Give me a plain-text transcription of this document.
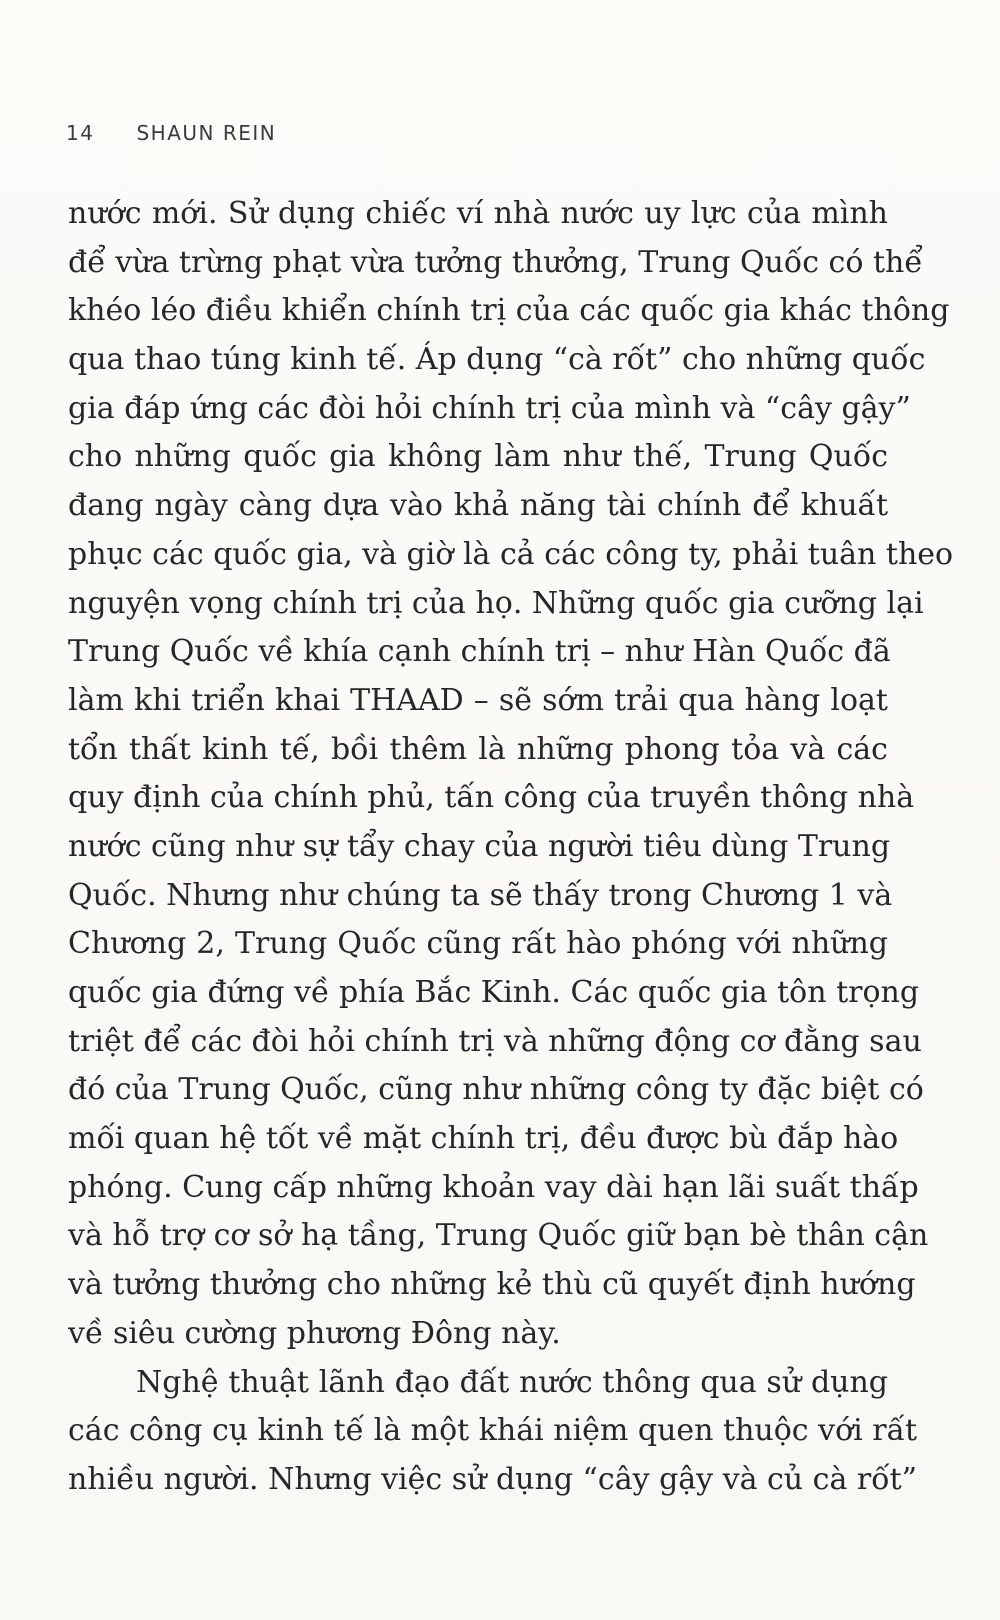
14 SHAUN REIN
nước mới. Sử dụng chiếc ví nhà nước uy lực của mình
để vừa trừng phạt vừa tưởng thưởng, Trung Quốc có thể
khéo léo điều khiển chính trị của các quốc gia khác thông
qua thao túng kinh tế. Áp dụng “cà rốt” cho những quốc
gia đáp ứng các đòi hỏi chính trị của mình và “cây gậy”
cho những quốc gia không làm như thế, Trung Quốc
đang ngày càng dựa vào khả năng tài chính để khuất
phục các quốc gia, và giờ là cả các công ty, phải tuân theo
nguyện vọng chính trị của họ. Những quốc gia cưỡng lại
Trung Quốc về khía cạnh chính trị – như Hàn Quốc đã
làm khi triển khai THAAD – sẽ sớm trải qua hàng loạt
tổn thất kinh tế, bồi thêm là những phong tỏa và các
quy định của chính phủ, tấn công của truyền thông nhà
nước cũng như sự tẩy chay của người tiêu dùng Trung
Quốc. Nhưng như chúng ta sẽ thấy trong Chương 1 và
Chương 2, Trung Quốc cũng rất hào phóng với những
quốc gia đứng về phía Bắc Kinh. Các quốc gia tôn trọng
triệt để các đòi hỏi chính trị và những động cơ đằng sau
đó của Trung Quốc, cũng như những công ty đặc biệt có
mối quan hệ tốt về mặt chính trị, đều được bù đắp hào
phóng. Cung cấp những khoản vay dài hạn lãi suất thấp
và hỗ trợ cơ sở hạ tầng, Trung Quốc giữ bạn bè thân cận
và tưởng thưởng cho những kẻ thù cũ quyết định hướng
về siêu cường phương Đông này.
Nghệ thuật lãnh đạo đất nước thông qua sử dụng
các công cụ kinh tế là một khái niệm quen thuộc với rất
nhiều người. Nhưng việc sử dụng “cây gậy và củ cà rốt”
